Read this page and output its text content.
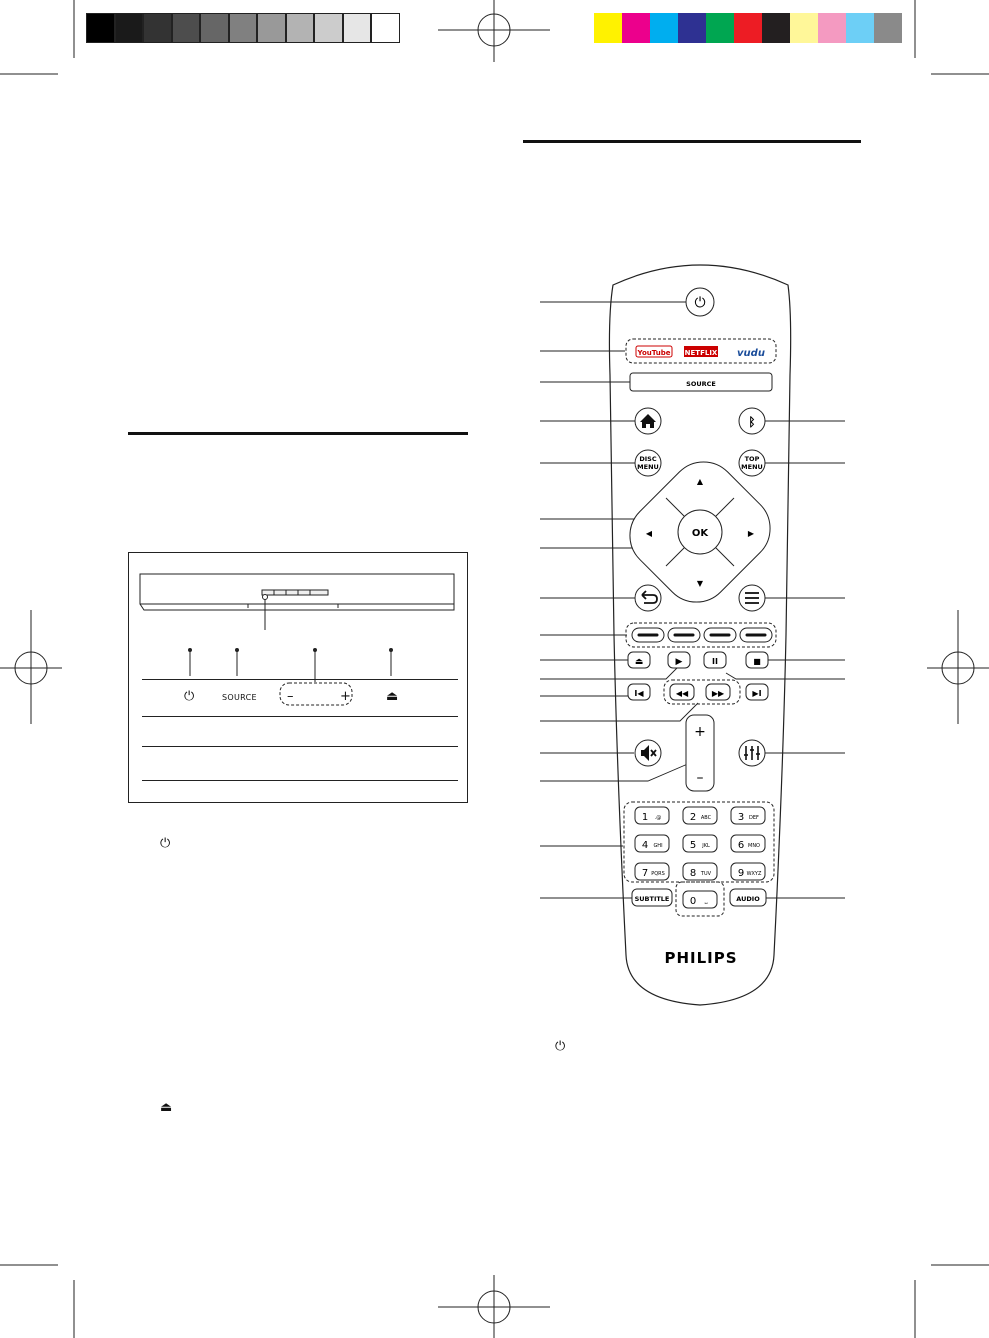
⏻	SOURCE –	+	⏏
⏻
⏏
⏻
⏻
YouTube NETFLIX vudu
SOURCE
ᛒ
DISC
MENU
TOP
MENU
OK
▲
▼
◀	▶
⏏	▶	II	■
I◀	◀◀	▶▶	▶I
+
–
1 .@	2 ABC	3 DEF
4 GHI	5 JKL	6 MNO
7 PQRS	8 TUV	9 WXYZ
0 ␣
SUBTITLE	AUDIO
PHILIPS
